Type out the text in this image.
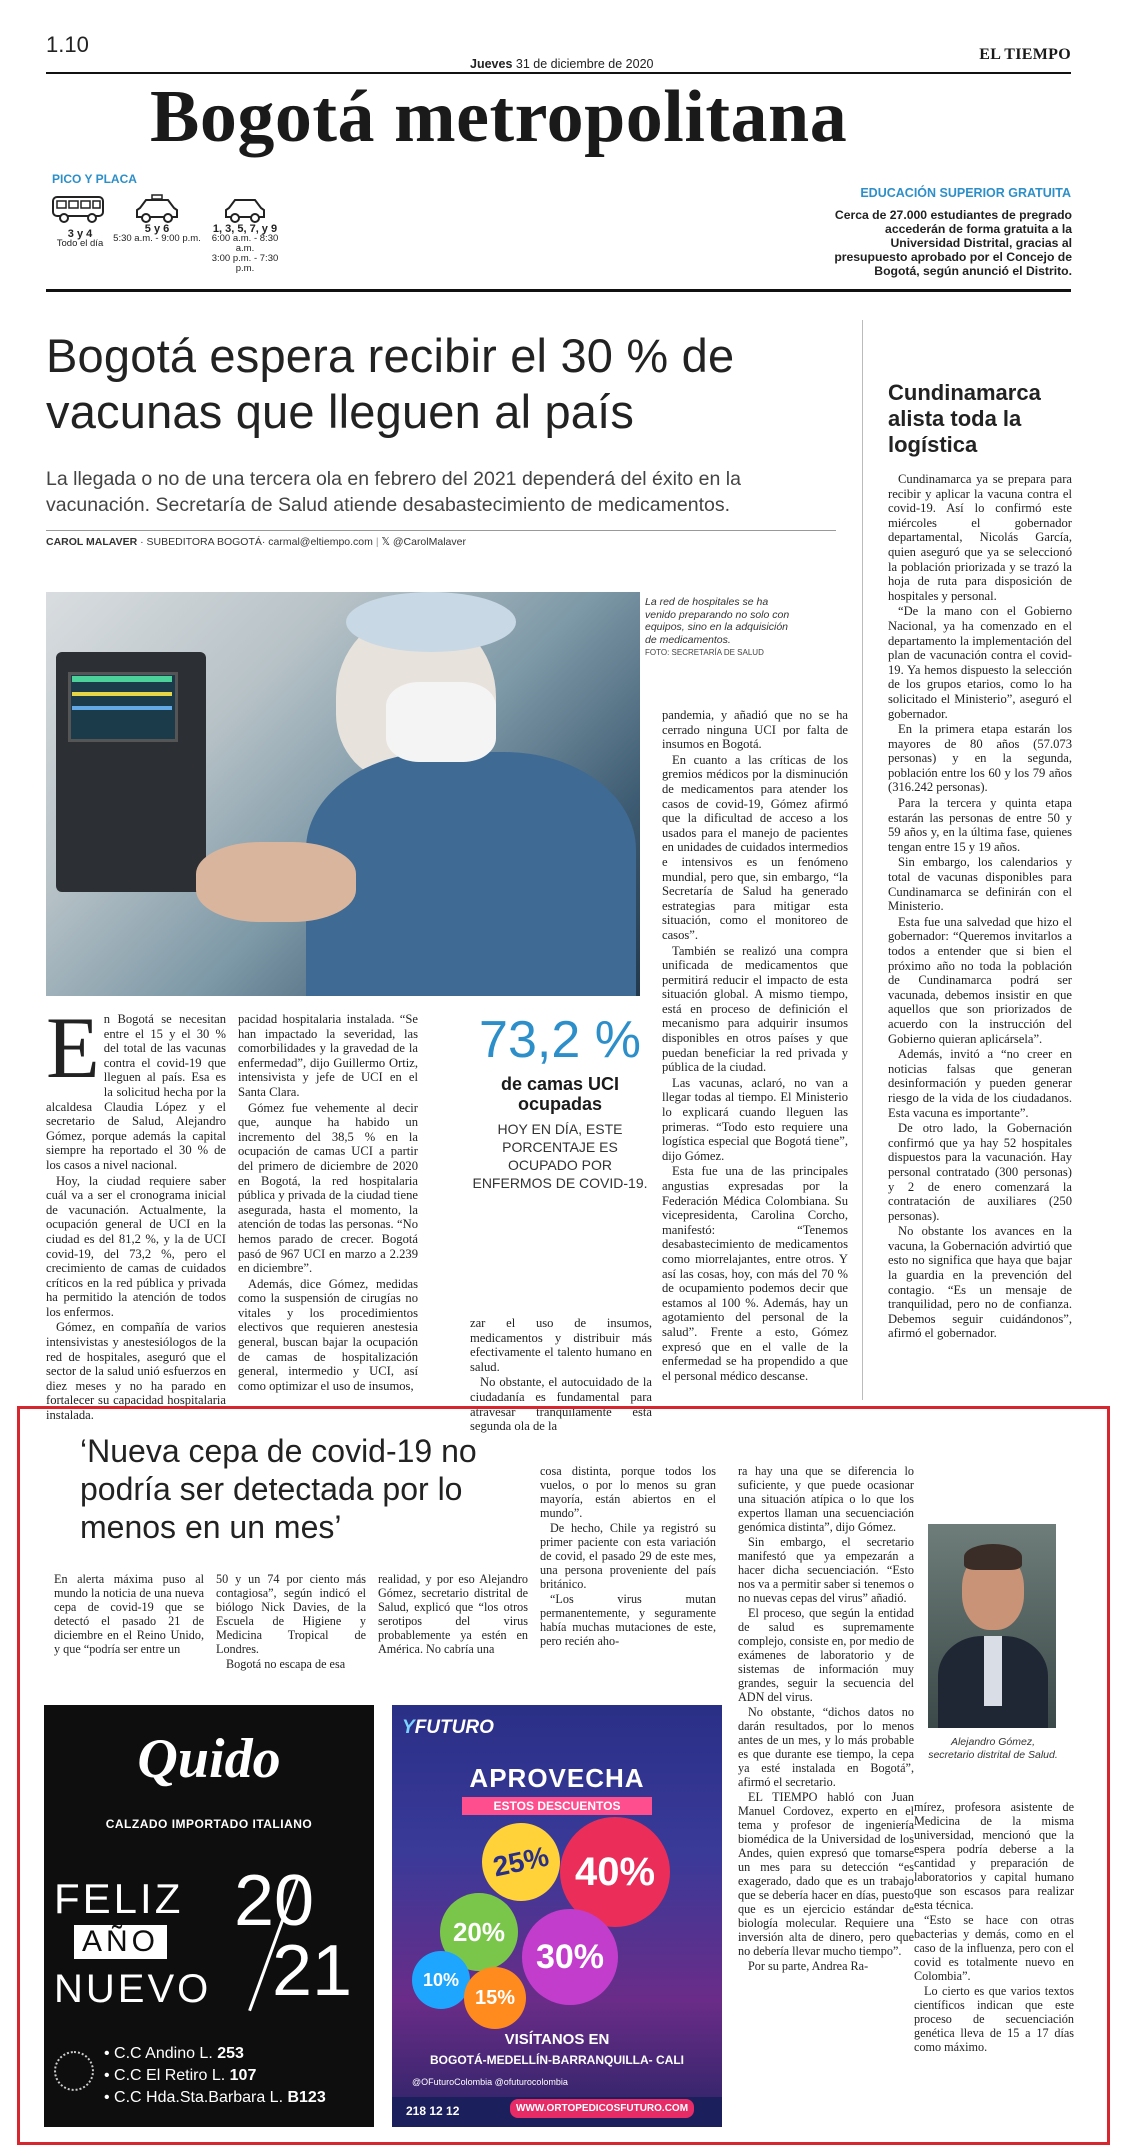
1.10
Jueves 31 de diciembre de 2020
EL TIEMPO
Bogotá metropolitana
PICO Y PLACA
3 y 4
Todo el día
5 y 6
5:30 a.m. - 9:00 p.m.
1, 3, 5, 7, y 9
6:00 a.m. - 8:30 a.m.
3:00 p.m. - 7:30 p.m.
EDUCACIÓN SUPERIOR GRATUITA
Cerca de 27.000 estudiantes de pregrado accederán de forma gratuita a la Universidad Distrital, gracias al presupuesto aprobado por el Concejo de Bogotá, según anunció el Distrito.
Bogotá espera recibir el 30 % de vacunas que lleguen al país
La llegada o no de una tercera ola en febrero del 2021 dependerá del éxito en la vacunación. Secretaría de Salud atiende desabastecimiento de medicamentos.
CAROL MALAVER · SUBEDITORA BOGOTÁ· carmal@eltiempo.com | 𝕏 @CarolMalaver
La red de hospitales se ha venido preparando no solo con equipos, sino en la adquisición de medicamentos.
FOTO: SECRETARÍA DE SALUD
E n Bogotá se necesitan entre el 15 y el 30 % del total de las vacunas contra el covid-19 que lleguen al país. Esa es la solicitud hecha por la alcaldesa Claudia López y el secretario de Salud, Alejandro Gómez, porque además la capital siempre ha reportado el 30 % de los casos a nivel nacional.

Hoy, la ciudad requiere saber cuál va a ser el cronograma inicial de vacunación. Actualmente, la ocupación general de UCI en la ciudad es del 81,2 %, y la de UCI covid-19, del 73,2 %, pero el crecimiento de camas de cuidados críticos en la red pública y privada ha permitido la atención de todos los enfermos.

Gómez, en compañía de varios intensivistas y anestesiólogos de la red de hospitales, aseguró que el sector de la salud unió esfuerzos en diez meses y no ha parado en fortalecer su capacidad hospitalaria instalada.

pacidad hospitalaria instalada. “Se han impactado la severidad, las comorbilidades y la gravedad de la enfermedad”, dijo Guillermo Ortiz, intensivista y jefe de UCI en el Santa Clara.

Gómez fue vehemente al decir que, aunque ha habido un incremento del 38,5 % en la ocupación de camas UCI a partir del primero de diciembre de 2020 en Bogotá, la red hospitalaria pública y privada de la ciudad tiene asegurada, hasta el momento, la atención de todas las personas. “No hemos parado de crecer. Bogotá pasó de 967 UCI en marzo a 2.239 en diciembre”.

Además, dice Gómez, medidas como la suspensión de cirugías no vitales y los procedimientos electivos que requieren anestesia general, buscan bajar la ocupación de camas de hospitalización general, intermedio y UCI, así como optimizar el uso de insumos,

73,2 %
de camas UCI ocupadas
HOY EN DÍA, ESTE PORCENTAJE ES OCUPADO POR ENFERMOS DE COVID-19.

zar el uso de insumos, medicamentos y distribuir más efectivamente el talento humano en salud.

No obstante, el autocuidado de la ciudadanía es fundamental para atravesar tranquilamente esta segunda ola de la

pandemia, y añadió que no se ha cerrado ninguna UCI por falta de insumos en Bogotá.

En cuanto a las críticas de los gremios médicos por la disminución de medicamentos para atender los casos de covid-19, Gómez afirmó que la dificultad de acceso a los usados para el manejo de pacientes en unidades de cuidados intermedios e intensivos es un fenómeno mundial, pero que, sin embargo, “la Secretaría de Salud ha generado estrategias para mitigar esta situación, como el monitoreo de casos”.

También se realizó una compra unificada de medicamentos que permitirá reducir el impacto de esta situación global. A mismo tiempo, está en proceso de definición el mecanismo para adquirir insumos disponibles en otros países y que puedan beneficiar la red privada y pública de la ciudad.

Las vacunas, aclaró, no van a llegar todas al tiempo. El Ministerio lo explicará cuando lleguen las primeras. “Todo esto requiere una logística especial que Bogotá tiene”, dijo Gómez.

Esta fue una de las principales angustias expresadas por la Federación Médica Colombiana. Su vicepresidenta, Carolina Corcho, manifestó: “Tenemos desabastecimiento de medicamentos como miorrelajantes, entre otros. Y así las cosas, hoy, con más del 70 % de ocupamiento podemos decir que estamos al 100 %. Además, hay un agotamiento del personal de la salud”. Frente a esto, Gómez expresó que en el valle de la enfermedad se ha propendido a que el personal médico descanse.

Cundinamarca alista toda la logística

Cundinamarca ya se prepara para recibir y aplicar la vacuna contra el covid-19. Así lo confirmó este miércoles el gobernador departamental, Nicolás García, quien aseguró que ya se seleccionó la población priorizada y se trazó la hoja de ruta para disposición de hospitales y personal.

“De la mano con el Gobierno Nacional, ya ha comenzado en el departamento la implementación del plan de vacunación contra el covid-19. Ya hemos dispuesto la selección de los grupos etarios, como lo ha solicitado el Ministerio”, aseguró el gobernador.

En la primera etapa estarán los mayores de 80 años (57.073 personas) y en la segunda, población entre los 60 y los 79 años (316.242 personas).

Para la tercera y quinta etapa estarán las personas de entre 50 y 59 años y, en la última fase, quienes tengan entre 15 y 19 años.

Sin embargo, los calendarios y total de vacunas disponibles para Cundinamarca se definirán con el Ministerio.

Esta fue una salvedad que hizo el gobernador: “Queremos invitarlos a todos a entender que si bien el próximo año no toda la población de Cundinamarca podrá ser vacunada, debemos insistir en que aquellos que son priorizados de acuerdo con la instrucción del Gobierno quieran aplicársela”.

Además, invitó a “no creer en noticias falsas que generan desinformación y pueden generar riesgo de la vida de los ciudadanos. Esta vacuna es importante”.

De otro lado, la Gobernación confirmó que ya hay 52 hospitales dispuestos para la vacunación. Hay personal contratado (300 personas) y 2 de enero comenzará la contratación de auxiliares (250 personas).

No obstante los avances en la vacuna, la Gobernación advirtió que esto no significa que haya que bajar la guardia en la prevención del contagio. “Es un mensaje de tranquilidad, pero no de confianza. Debemos seguir cuidándonos”, afirmó el gobernador.

‘Nueva cepa de covid-19 no podría ser detectada por lo menos en un mes’

En alerta máxima puso al mundo la noticia de una nueva cepa de covid-19 que se detectó el pasado 21 de diciembre en el Reino Unido, y que “podría ser entre un

50 y un 74 por ciento más contagiosa”, según indicó el biólogo Nick Davies, de la Escuela de Higiene y Medicina Tropical de Londres.

Bogotá no escapa de esa

realidad, y por eso Alejandro Gómez, secretario distrital de Salud, explicó que “los otros serotipos del virus probablemente ya estén en América. No cabría una

cosa distinta, porque todos los vuelos, o por lo menos su gran mayoría, están abiertos en el mundo”.

De hecho, Chile ya registró su primer paciente con esta variación de covid, el pasado 29 de este mes, una persona proveniente del país británico.

“Los virus mutan permanentemente, y seguramente había muchas mutaciones de este, pero recién aho-

ra hay una que se diferencia lo suficiente, y que puede ocasionar una situación atípica o lo que los expertos llaman una secuenciación genómica distinta”, dijo Gómez.

Sin embargo, el secretario manifestó que ya empezarán a hacer dicha secuenciación. “Esto nos va a permitir saber si tenemos o no nuevas cepas del virus” añadió.

El proceso, que según la entidad de salud es supremamente complejo, consiste en, por medio de exámenes de laboratorio y de sistemas de información muy grandes, seguir la secuencia del ADN del virus.

No obstante, “dichos datos no darán resultados, por lo menos antes de un mes, y lo más probable es que durante ese tiempo, la cepa ya esté instalada en Bogotá”, afirmó el secretario.

EL TIEMPO habló con Juan Manuel Cordovez, experto en el tema y profesor de ingeniería biomédica de la Universidad de los Andes, quien expresó que tomarse un mes para su detección “es exagerado, dado que es un trabajo que se debería hacer en días, puesto que es un ejercicio estándar de biología molecular. Requiere una inversión alta de dinero, pero que no debería llevar mucho tiempo”.

Por su parte, Andrea Ra-

Alejandro Gómez, secretario distrital de Salud.

mírez, profesora asistente de Medicina de la misma universidad, mencionó que la espera podría deberse a la cantidad y preparación de laboratorios y capital humano que son escasos para realizar esta técnica.

“Esto se hace con otras bacterias y demás, como en el caso de la influenza, pero con el covid es totalmente nuevo en Colombia”.

Lo cierto es que varios textos científicos indican que este proceso de secuenciación genética lleva de 15 a 17 días como máximo.

Quido
CALZADO IMPORTADO ITALIANO
FELIZ
AÑO
NUEVO
20
21
• C.C Andino L. 253
• C.C El Retiro L. 107
• C.C Hda.Sta.Barbara L. B123
YFUTURO
APROVECHA
ESTOS DESCUENTOS
25% 40%
20%
30%
10%
15%
VISÍTANOS EN
BOGOTÁ-MEDELLÍN-BARRANQUILLA- CALI
@OFuturoColombia @ofuturocolombia
218 12 12	WWW.ORTOPEDICOSFUTURO.COM
